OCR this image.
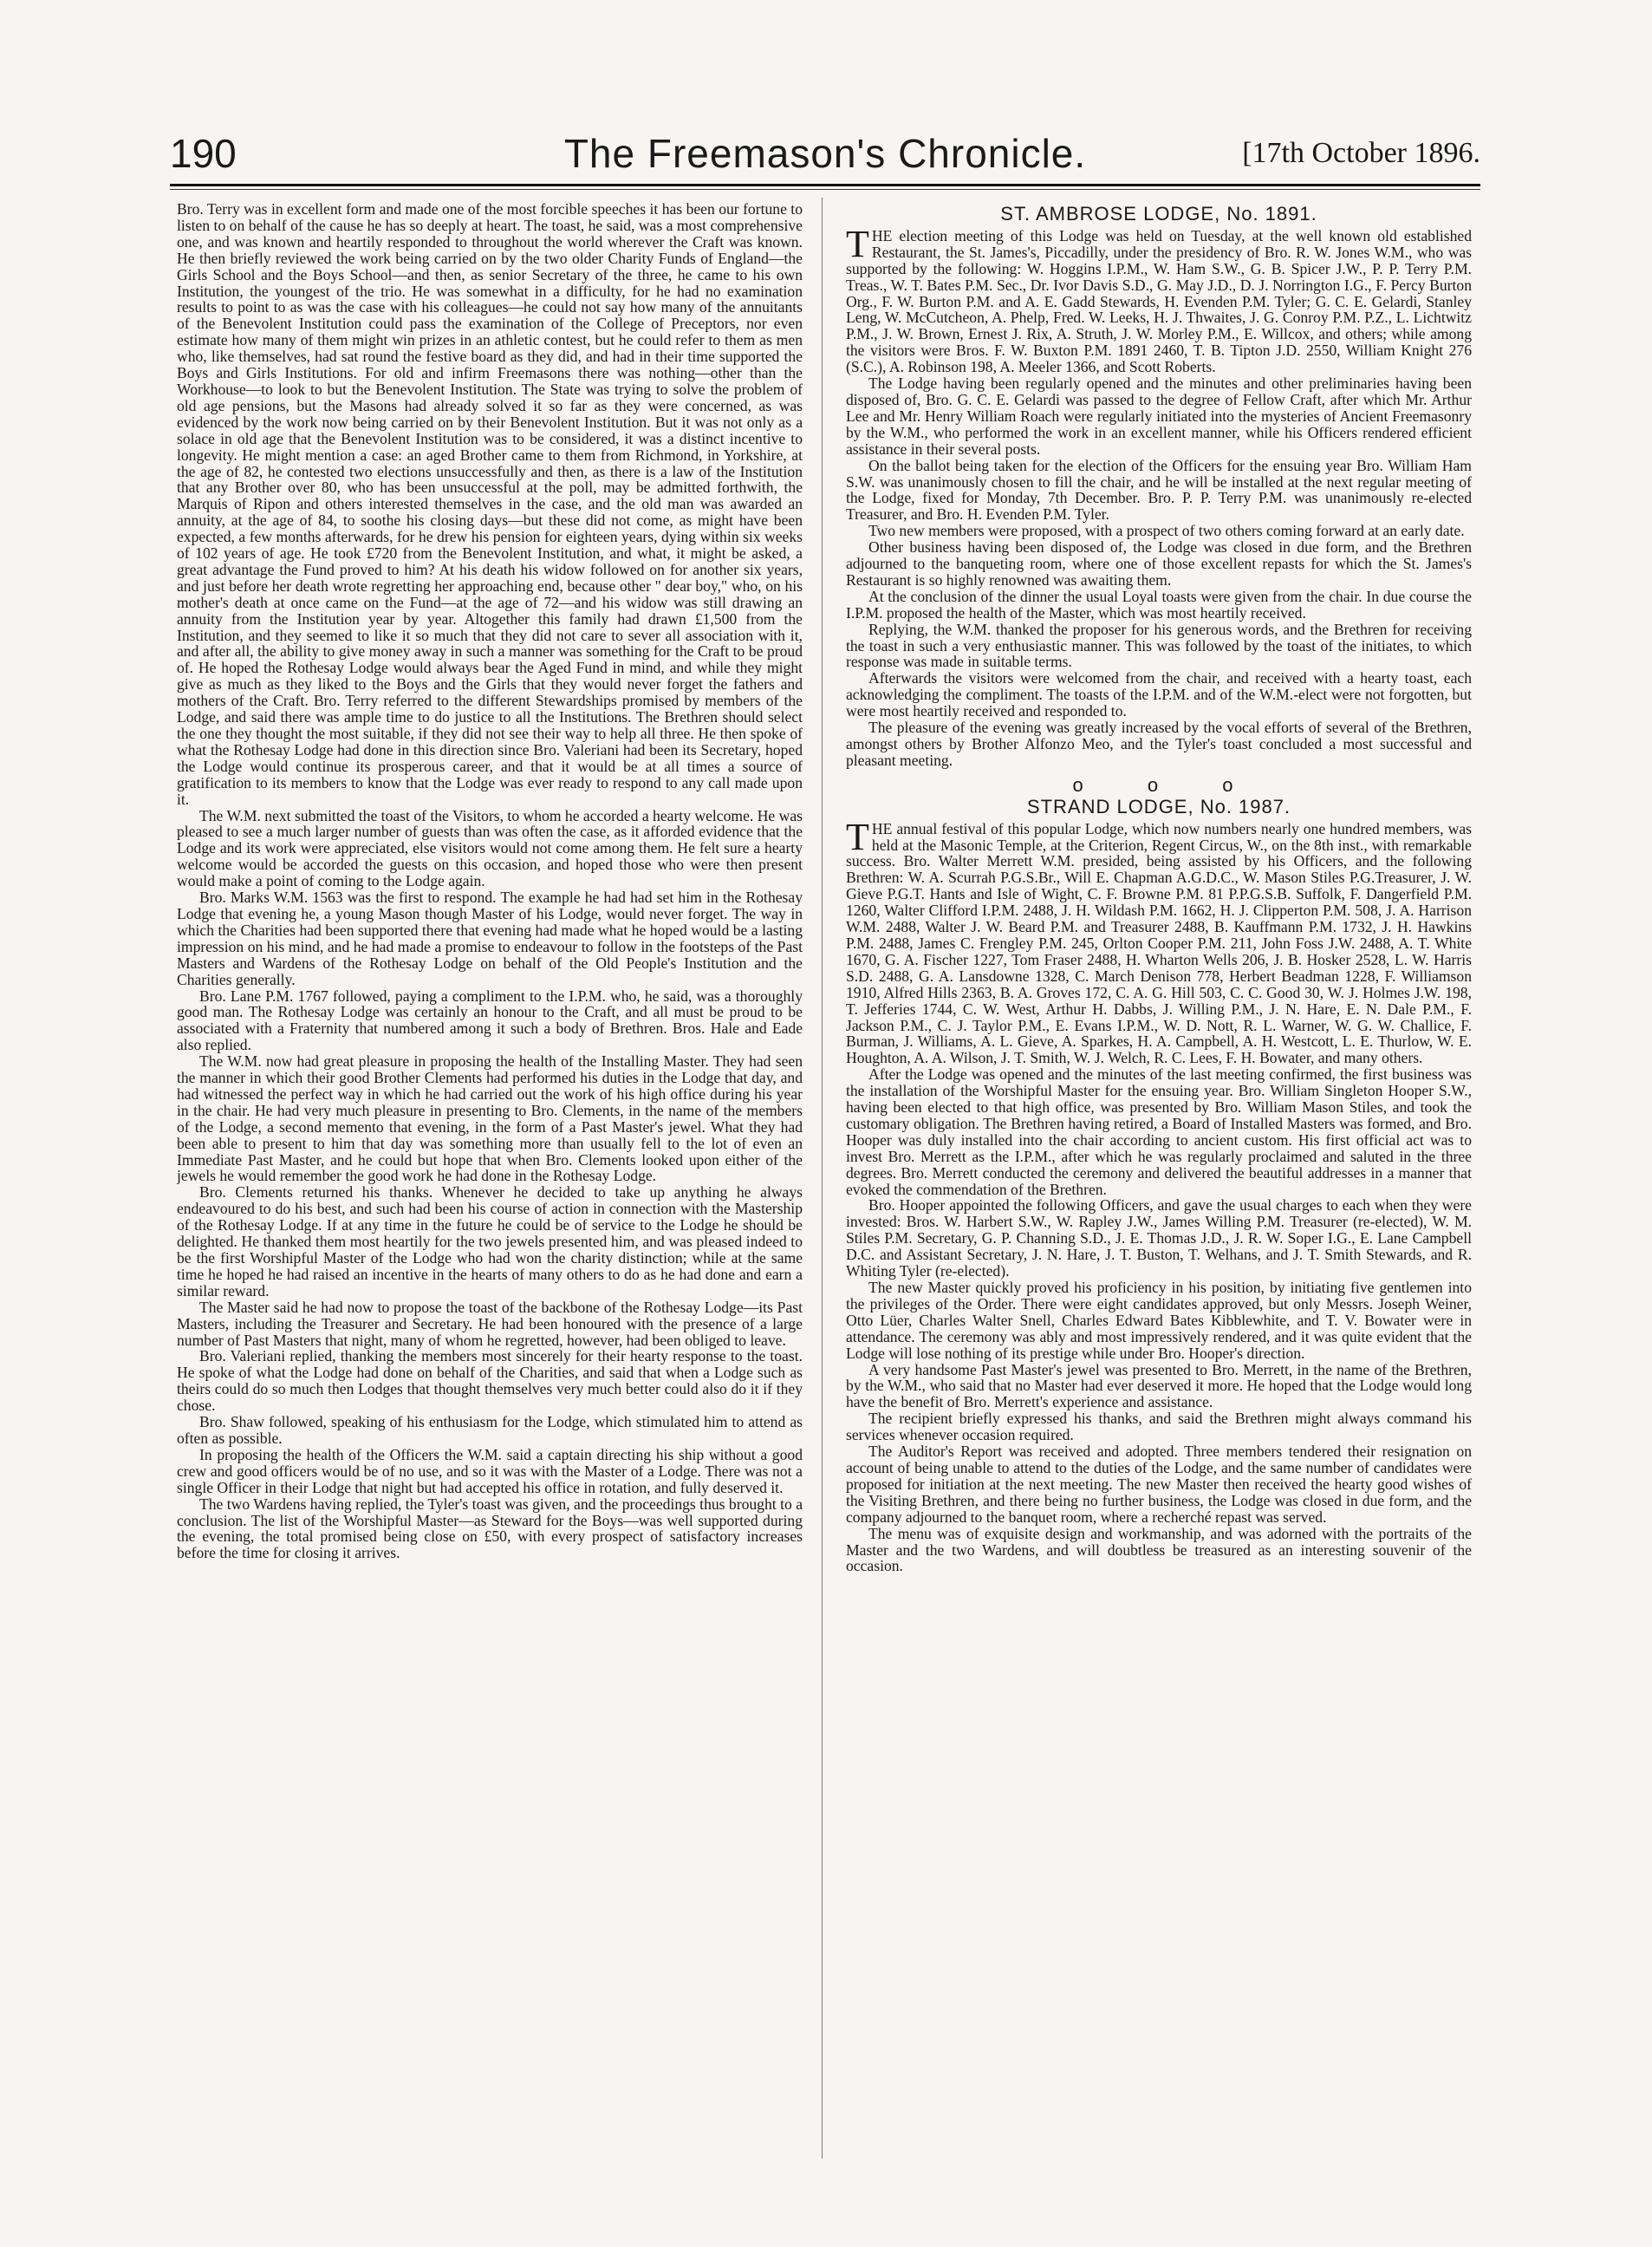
190	The Freemason's Chronicle.	[17th October 1896.

Bro. Terry was in excellent form and made one of the most forcible speeches it has been our fortune to listen to on behalf of the cause he has so deeply at heart. The toast, he said, was a most comprehensive one, and was known and heartily responded to throughout the world wherever the Craft was known. He then briefly reviewed the work being carried on by the two older Charity Funds of England—the Girls School and the Boys School—and then, as senior Secretary of the three, he came to his own Institution, the youngest of the trio. He was somewhat in a difficulty, for he had no examination results to point to as was the case with his colleagues—he could not say how many of the annuitants of the Benevolent Institution could pass the examination of the College of Preceptors, nor even estimate how many of them might win prizes in an athletic contest, but he could refer to them as men who, like themselves, had sat round the festive board as they did, and had in their time supported the Boys and Girls Institutions. For old and infirm Freemasons there was nothing—other than the Workhouse—to look to but the Benevolent Institution. The State was trying to solve the problem of old age pensions, but the Masons had already solved it so far as they were concerned, as was evidenced by the work now being carried on by their Benevolent Institution. But it was not only as a solace in old age that the Benevolent Institution was to be considered, it was a distinct incentive to longevity. He might mention a case: an aged Brother came to them from Richmond, in Yorkshire, at the age of 82, he contested two elections unsuccessfully and then, as there is a law of the Institution that any Brother over 80, who has been unsuccessful at the poll, may be admitted forthwith, the Marquis of Ripon and others interested themselves in the case, and the old man was awarded an annuity, at the age of 84, to soothe his closing days—but these did not come, as might have been expected, a few months afterwards, for he drew his pension for eighteen years, dying within six weeks of 102 years of age. He took £720 from the Benevolent Institution, and what, it might be asked, a great advantage the Fund proved to him? At his death his widow followed on for another six years, and just before her death wrote regretting her approaching end, because other " dear boy," who, on his mother's death at once came on the Fund—at the age of 72—and his widow was still drawing an annuity from the Institution year by year. Altogether this family had drawn £1,500 from the Institution, and they seemed to like it so much that they did not care to sever all association with it, and after all, the ability to give money away in such a manner was something for the Craft to be proud of. He hoped the Rothesay Lodge would always bear the Aged Fund in mind, and while they might give as much as they liked to the Boys and the Girls that they would never forget the fathers and mothers of the Craft. Bro. Terry referred to the different Stewardships promised by members of the Lodge, and said there was ample time to do justice to all the Institutions. The Brethren should select the one they thought the most suitable, if they did not see their way to help all three. He then spoke of what the Rothesay Lodge had done in this direction since Bro. Valeriani had been its Secretary, hoped the Lodge would continue its prosperous career, and that it would be at all times a source of gratification to its members to know that the Lodge was ever ready to respond to any call made upon it.

The W.M. next submitted the toast of the Visitors, to whom he accorded a hearty welcome. He was pleased to see a much larger number of guests than was often the case, as it afforded evidence that the Lodge and its work were appreciated, else visitors would not come among them. He felt sure a hearty welcome would be accorded the guests on this occasion, and hoped those who were then present would make a point of coming to the Lodge again.

Bro. Marks W.M. 1563 was the first to respond. The example he had had set him in the Rothesay Lodge that evening he, a young Mason though Master of his Lodge, would never forget. The way in which the Charities had been supported there that evening had made what he hoped would be a lasting impression on his mind, and he had made a promise to endeavour to follow in the footsteps of the Past Masters and Wardens of the Rothesay Lodge on behalf of the Old People's Institution and the Charities generally.

Bro. Lane P.M. 1767 followed, paying a compliment to the I.P.M. who, he said, was a thoroughly good man. The Rothesay Lodge was certainly an honour to the Craft, and all must be proud to be associated with a Fraternity that numbered among it such a body of Brethren. Bros. Hale and Eade also replied.

The W.M. now had great pleasure in proposing the health of the Installing Master. They had seen the manner in which their good Brother Clements had performed his duties in the Lodge that day, and had witnessed the perfect way in which he had carried out the work of his high office during his year in the chair. He had very much pleasure in presenting to Bro. Clements, in the name of the members of the Lodge, a second memento that evening, in the form of a Past Master's jewel. What they had been able to present to him that day was something more than usually fell to the lot of even an Immediate Past Master, and he could but hope that when Bro. Clements looked upon either of the jewels he would remember the good work he had done in the Rothesay Lodge.

Bro. Clements returned his thanks. Whenever he decided to take up anything he always endeavoured to do his best, and such had been his course of action in connection with the Mastership of the Rothesay Lodge. If at any time in the future he could be of service to the Lodge he should be delighted. He thanked them most heartily for the two jewels presented him, and was pleased indeed to be the first Worshipful Master of the Lodge who had won the charity distinction; while at the same time he hoped he had raised an incentive in the hearts of many others to do as he had done and earn a similar reward.

The Master said he had now to propose the toast of the backbone of the Rothesay Lodge—its Past Masters, including the Treasurer and Secretary. He had been honoured with the presence of a large number of Past Masters that night, many of whom he regretted, however, had been obliged to leave.

Bro. Valeriani replied, thanking the members most sincerely for their hearty response to the toast. He spoke of what the Lodge had done on behalf of the Charities, and said that when a Lodge such as theirs could do so much then Lodges that thought themselves very much better could also do it if they chose.

Bro. Shaw followed, speaking of his enthusiasm for the Lodge, which stimulated him to attend as often as possible.

In proposing the health of the Officers the W.M. said a captain directing his ship without a good crew and good officers would be of no use, and so it was with the Master of a Lodge. There was not a single Officer in their Lodge that night but had accepted his office in rotation, and fully deserved it.

The two Wardens having replied, the Tyler's toast was given, and the proceedings thus brought to a conclusion. The list of the Worshipful Master—as Steward for the Boys—was well supported during the evening, the total promised being close on £50, with every prospect of satisfactory increases before the time for closing it arrives.

ST. AMBROSE LODGE, No. 1891.

THE election meeting of this Lodge was held on Tuesday, at the well known old established Restaurant, the St. James's, Piccadilly, under the presidency of Bro. R. W. Jones W.M., who was supported by the following: W. Hoggins I.P.M., W. Ham S.W., G. B. Spicer J.W., P. P. Terry P.M. Treas., W. T. Bates P.M. Sec., Dr. Ivor Davis S.D., G. May J.D., D. J. Norrington I.G., F. Percy Burton Org., F. W. Burton P.M. and A. E. Gadd Stewards, H. Evenden P.M. Tyler; G. C. E. Gelardi, Stanley Leng, W. McCutcheon, A. Phelp, Fred. W. Leeks, H. J. Thwaites, J. G. Conroy P.M. P.Z., L. Lichtwitz P.M., J. W. Brown, Ernest J. Rix, A. Struth, J. W. Morley P.M., E. Willcox, and others; while among the visitors were Bros. F. W. Buxton P.M. 1891 2460, T. B. Tipton J.D. 2550, William Knight 276 (S.C.), A. Robinson 198, A. Meeler 1366, and Scott Roberts.

The Lodge having been regularly opened and the minutes and other preliminaries having been disposed of, Bro. G. C. E. Gelardi was passed to the degree of Fellow Craft, after which Mr. Arthur Lee and Mr. Henry William Roach were regularly initiated into the mysteries of Ancient Freemasonry by the W.M., who performed the work in an excellent manner, while his Officers rendered efficient assistance in their several posts.

On the ballot being taken for the election of the Officers for the ensuing year Bro. William Ham S.W. was unanimously chosen to fill the chair, and he will be installed at the next regular meeting of the Lodge, fixed for Monday, 7th December. Bro. P. P. Terry P.M. was unanimously re-elected Treasurer, and Bro. H. Evenden P.M. Tyler.

Two new members were proposed, with a prospect of two others coming forward at an early date.

Other business having been disposed of, the Lodge was closed in due form, and the Brethren adjourned to the banqueting room, where one of those excellent repasts for which the St. James's Restaurant is so highly renowned was awaiting them.

At the conclusion of the dinner the usual Loyal toasts were given from the chair. In due course the I.P.M. proposed the health of the Master, which was most heartily received.

Replying, the W.M. thanked the proposer for his generous words, and the Brethren for receiving the toast in such a very enthusiastic manner. This was followed by the toast of the initiates, to which response was made in suitable terms.

Afterwards the visitors were welcomed from the chair, and received with a hearty toast, each acknowledging the compliment. The toasts of the I.P.M. and of the W.M.-elect were not forgotten, but were most heartily received and responded to.

The pleasure of the evening was greatly increased by the vocal efforts of several of the Brethren, amongst others by Brother Alfonzo Meo, and the Tyler's toast concluded a most successful and pleasant meeting.

o o o
STRAND LODGE, No. 1987.

THE annual festival of this popular Lodge, which now numbers nearly one hundred members, was held at the Masonic Temple, at the Criterion, Regent Circus, W., on the 8th inst., with remarkable success. Bro. Walter Merrett W.M. presided, being assisted by his Officers, and the following Brethren: W. A. Scurrah P.G.S.Br., Will E. Chapman A.G.D.C., W. Mason Stiles P.G.Treasurer, J. W. Gieve P.G.T. Hants and Isle of Wight, C. F. Browne P.M. 81 P.P.G.S.B. Suffolk, F. Dangerfield P.M. 1260, Walter Clifford I.P.M. 2488, J. H. Wildash P.M. 1662, H. J. Clipperton P.M. 508, J. A. Harrison W.M. 2488, Walter J. W. Beard P.M. and Treasurer 2488, B. Kauffmann P.M. 1732, J. H. Hawkins P.M. 2488, James C. Frengley P.M. 245, Orlton Cooper P.M. 211, John Foss J.W. 2488, A. T. White 1670, G. A. Fischer 1227, Tom Fraser 2488, H. Wharton Wells 206, J. B. Hosker 2528, L. W. Harris S.D. 2488, G. A. Lansdowne 1328, C. March Denison 778, Herbert Beadman 1228, F. Williamson 1910, Alfred Hills 2363, B. A. Groves 172, C. A. G. Hill 503, C. C. Good 30, W. J. Holmes J.W. 198, T. Jefferies 1744, C. W. West, Arthur H. Dabbs, J. Willing P.M., J. N. Hare, E. N. Dale P.M., F. Jackson P.M., C. J. Taylor P.M., E. Evans I.P.M., W. D. Nott, R. L. Warner, W. G. W. Challice, F. Burman, J. Williams, A. L. Gieve, A. Sparkes, H. A. Campbell, A. H. Westcott, L. E. Thurlow, W. E. Houghton, A. A. Wilson, J. T. Smith, W. J. Welch, R. C. Lees, F. H. Bowater, and many others.

After the Lodge was opened and the minutes of the last meeting confirmed, the first business was the installation of the Worshipful Master for the ensuing year. Bro. William Singleton Hooper S.W., having been elected to that high office, was presented by Bro. William Mason Stiles, and took the customary obligation. The Brethren having retired, a Board of Installed Masters was formed, and Bro. Hooper was duly installed into the chair according to ancient custom. His first official act was to invest Bro. Merrett as the I.P.M., after which he was regularly proclaimed and saluted in the three degrees. Bro. Merrett conducted the ceremony and delivered the beautiful addresses in a manner that evoked the commendation of the Brethren.

Bro. Hooper appointed the following Officers, and gave the usual charges to each when they were invested: Bros. W. Harbert S.W., W. Rapley J.W., James Willing P.M. Treasurer (re-elected), W. M. Stiles P.M. Secretary, G. P. Channing S.D., J. E. Thomas J.D., J. R. W. Soper I.G., E. Lane Campbell D.C. and Assistant Secretary, J. N. Hare, J. T. Buston, T. Welhans, and J. T. Smith Stewards, and R. Whiting Tyler (re-elected).

The new Master quickly proved his proficiency in his position, by initiating five gentlemen into the privileges of the Order. There were eight candidates approved, but only Messrs. Joseph Weiner, Otto Lüer, Charles Walter Snell, Charles Edward Bates Kibblewhite, and T. V. Bowater were in attendance. The ceremony was ably and most impressively rendered, and it was quite evident that the Lodge will lose nothing of its prestige while under Bro. Hooper's direction.

A very handsome Past Master's jewel was presented to Bro. Merrett, in the name of the Brethren, by the W.M., who said that no Master had ever deserved it more. He hoped that the Lodge would long have the benefit of Bro. Merrett's experience and assistance.

The recipient briefly expressed his thanks, and said the Brethren might always command his services whenever occasion required.

The Auditor's Report was received and adopted. Three members tendered their resignation on account of being unable to attend to the duties of the Lodge, and the same number of candidates were proposed for initiation at the next meeting. The new Master then received the hearty good wishes of the Visiting Brethren, and there being no further business, the Lodge was closed in due form, and the company adjourned to the banquet room, where a recherché repast was served.

The menu was of exquisite design and workmanship, and was adorned with the portraits of the Master and the two Wardens, and will doubtless be treasured as an interesting souvenir of the occasion.
